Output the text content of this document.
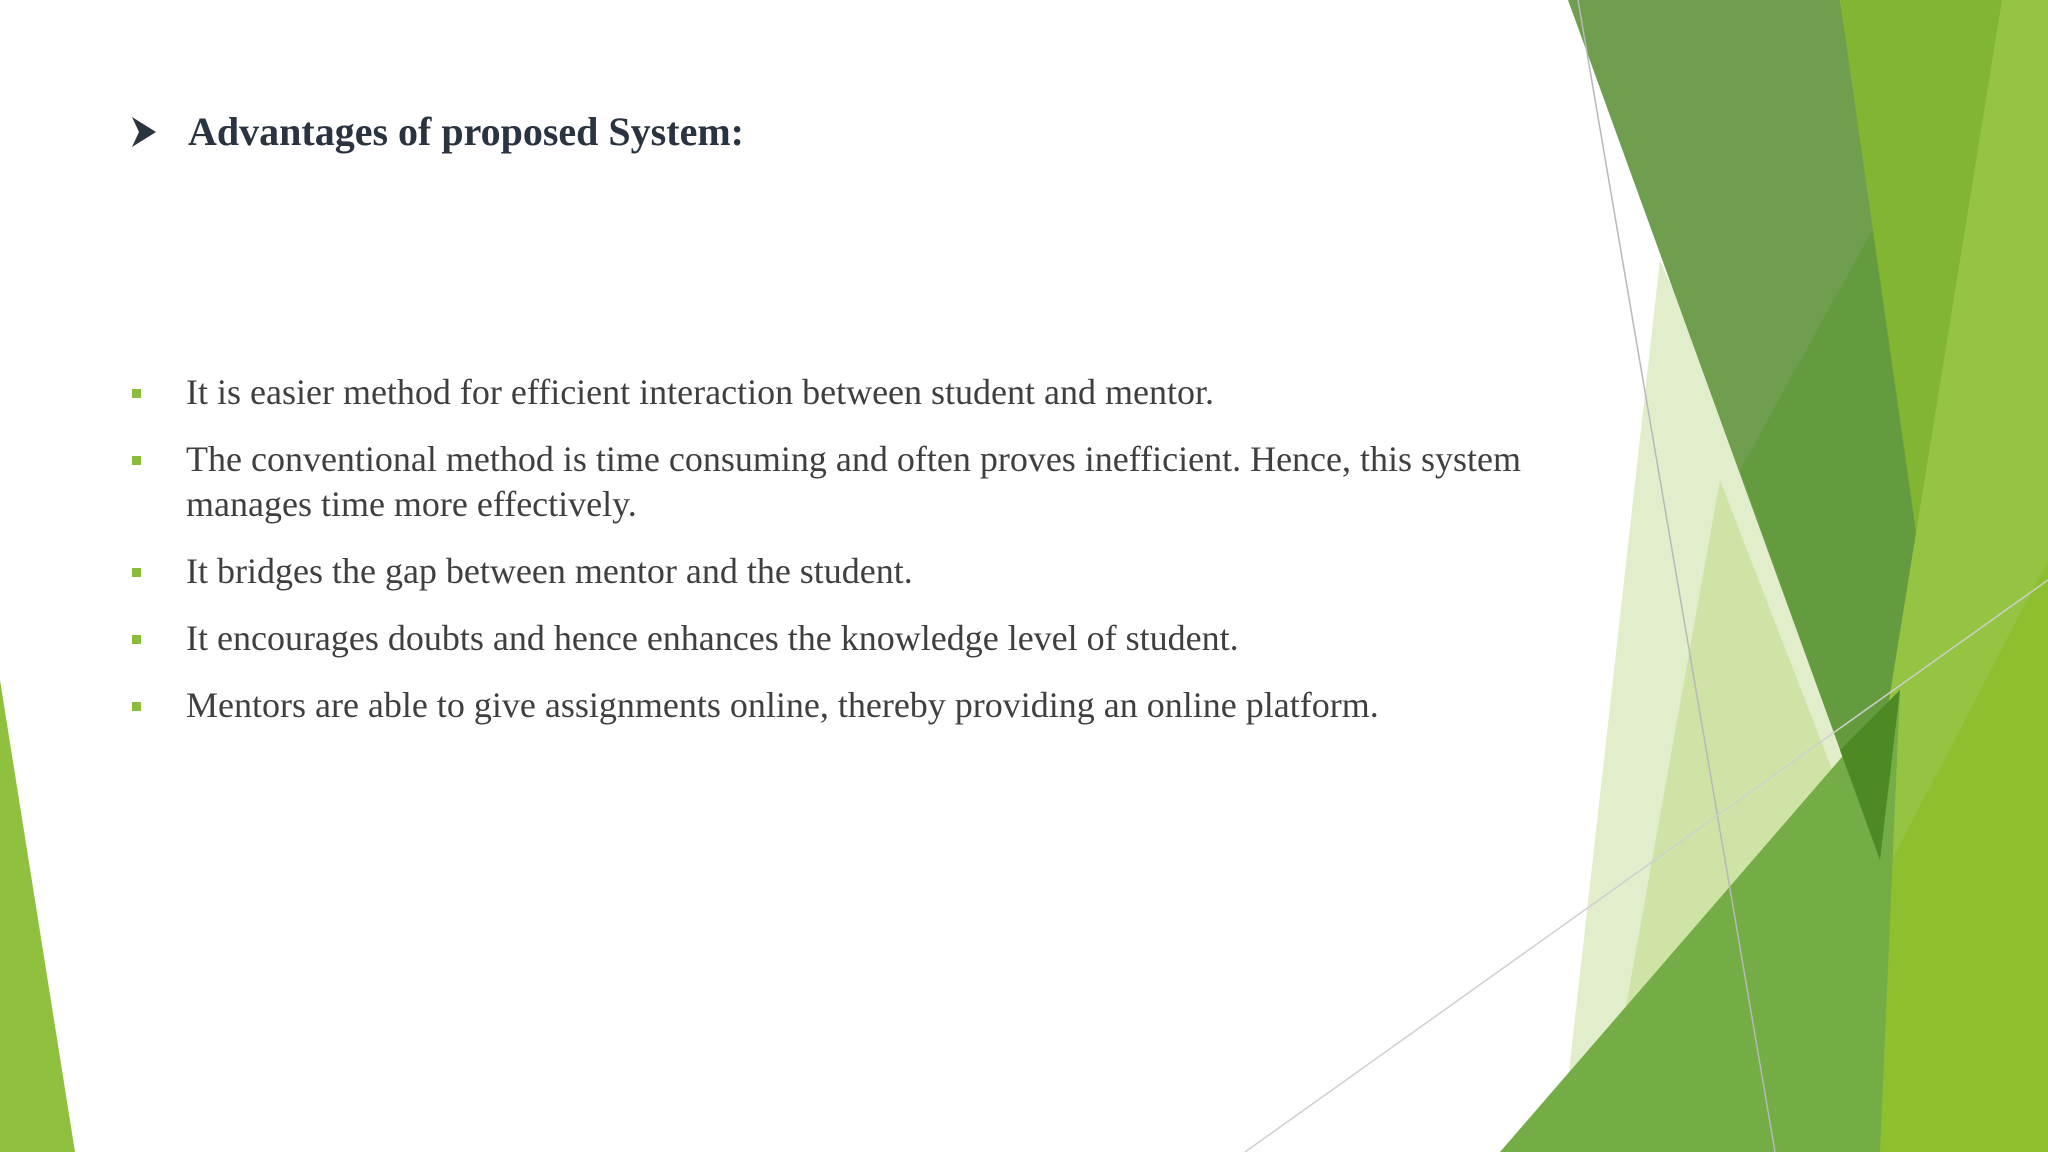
Advantages of proposed System:
It is easier method for efficient interaction between student and mentor.
The conventional method is time consuming and often proves inefficient. Hence, this system manages time more effectively.
It bridges the gap between mentor and the student.
It encourages doubts and hence enhances the knowledge level of student.
Mentors are able to give assignments online, thereby providing an online platform.
